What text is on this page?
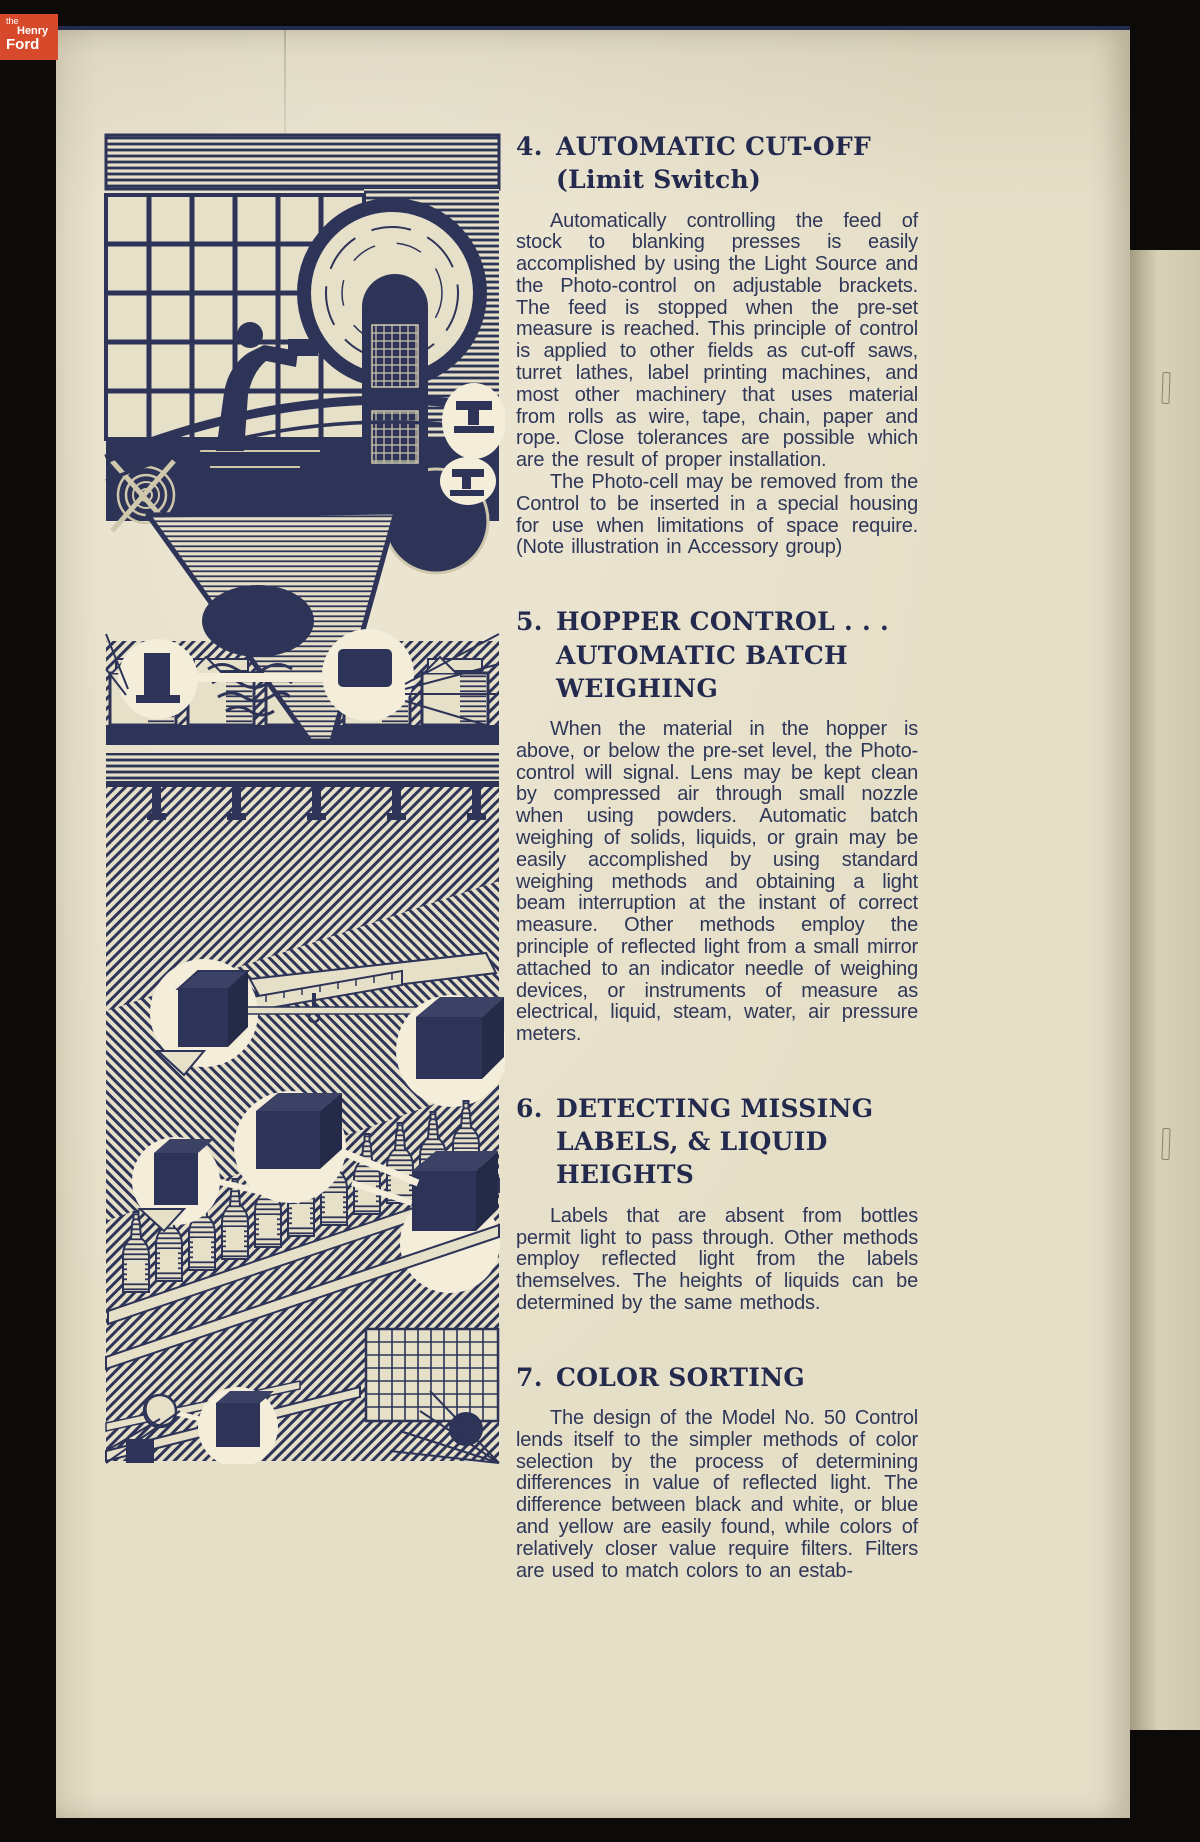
4. AUTOMATIC CUT-OFF
(Limit Switch)

Automatically controlling the feed of stock to blanking presses is easily accomplished by using the Light Source and the Photo-control on adjustable brackets. The feed is stopped when the pre-set measure is reached. This principle of control is applied to other fields as cut-off saws, turret lathes, label printing machines, and most other machinery that uses material from rolls as wire, tape, chain, paper and rope. Close tolerances are possible which are the result of proper installation.

The Photo-cell may be removed from the Control to be inserted in a special housing for use when limitations of space require. (Note illustration in Accessory group)

5. HOPPER CONTROL . . .
AUTOMATIC BATCH
WEIGHING

When the material in the hopper is above, or below the pre-set level, the Photo-control will signal. Lens may be kept clean by compressed air through small nozzle when using powders. Automatic batch weighing of solids, liquids, or grain may be easily accomplished by using standard weighing methods and obtaining a light beam interruption at the instant of correct measure. Other methods employ the principle of reflected light from a small mirror attached to an indicator needle of weighing devices, or instruments of measure as electrical, liquid, steam, water, air pressure meters.

6. DETECTING MISSING
LABELS, & LIQUID
HEIGHTS

Labels that are absent from bottles permit light to pass through. Other methods employ reflected light from the labels themselves. The heights of liquids can be determined by the same methods.

7. COLOR SORTING

The design of the Model No. 50 Control lends itself to the simpler methods of color selection by the process of determining differences in value of reflected light. The difference between black and white, or blue and yellow are easily found, while colors of relatively closer value require filters. Filters are used to match colors to an estab-

the
Henry
Ford
